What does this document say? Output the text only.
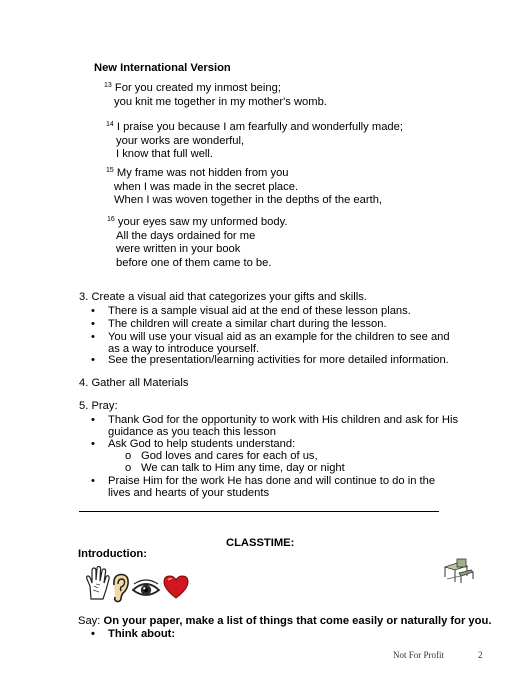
New International Version
$^{13}$ For you created my inmost being;
you knit me together in my mother's womb.
$^{14}$ I praise you because I am fearfully and wonderfully made;
your works are wonderful,
I know that full well.
$^{15}$ My frame was not hidden from you
when I was made in the secret place.
When I was woven together in the depths of the earth,
$^{16}$ your eyes saw my unformed body.
All the days ordained for me
were written in your book
before one of them came to be.
3. Create a visual aid that categorizes your gifts and skills.
• There is a sample visual aid at the end of these lesson plans.
• The children will create a similar chart during the lesson.
• You will use your visual aid as an example for the children to see and
as a way to introduce yourself.
• See the presentation/learning activities for more detailed information.
4. Gather all Materials
5. Pray:
• Thank God for the opportunity to work with His children and ask for His
guidance as you teach this lesson
• Ask God to help students understand:
o God loves and cares for each of us,
o We can talk to Him any time, day or night
• Praise Him for the work He has done and will continue to do in the
lives and hearts of your students
CLASSTIME:
Introduction:
Say: On your paper, make a list of things that come easily or naturally for you.
• Think about:
Not For Profit	2
